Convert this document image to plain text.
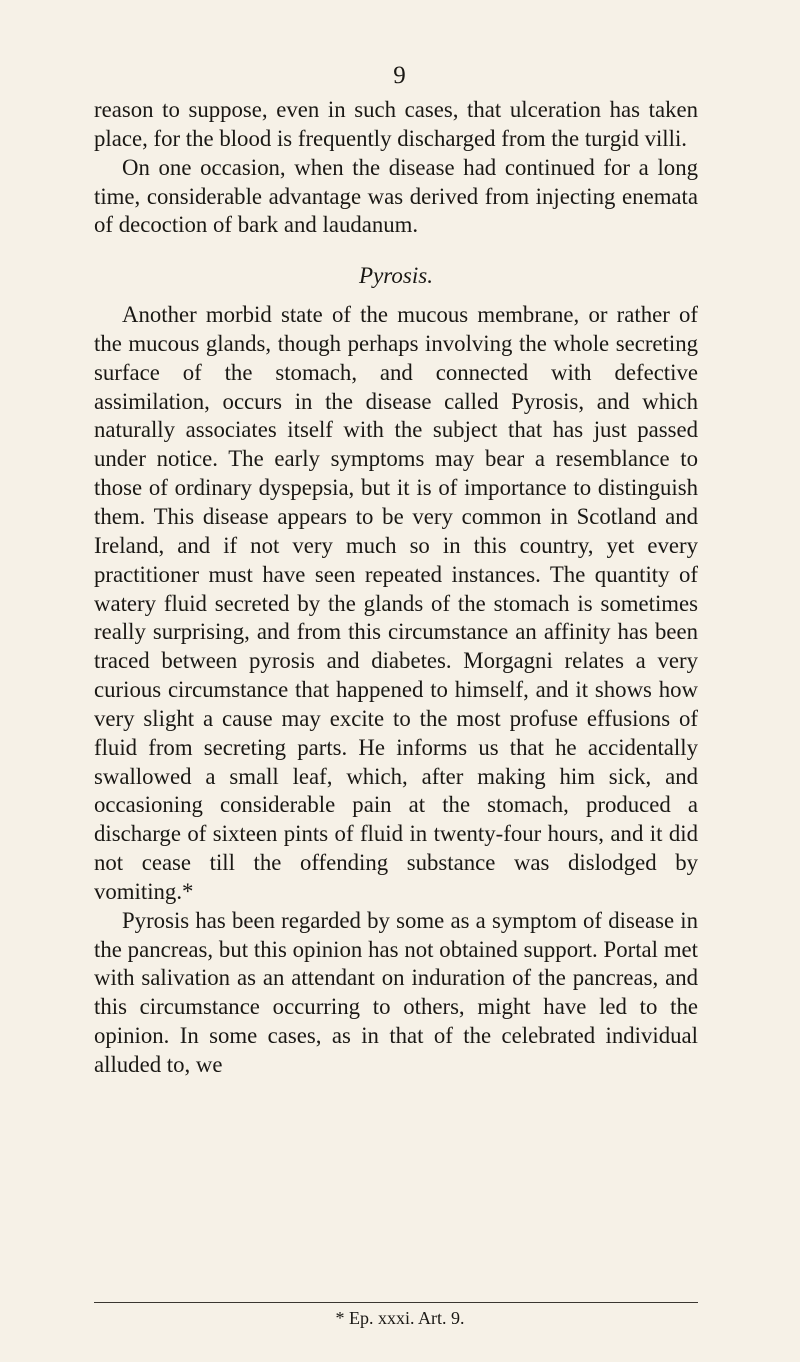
9

reason to suppose, even in such cases, that ulceration has taken place, for the blood is frequently discharged from the turgid villi.

On one occasion, when the disease had continued for a long time, considerable advantage was derived from injecting enemata of decoction of bark and laudanum.

Pyrosis.

Another morbid state of the mucous membrane, or rather of the mucous glands, though perhaps involving the whole secreting surface of the stomach, and connected with defective assimilation, occurs in the disease called Pyrosis, and which naturally associates itself with the subject that has just passed under notice. The early symptoms may bear a resemblance to those of ordinary dyspepsia, but it is of importance to distinguish them. This disease appears to be very common in Scotland and Ireland, and if not very much so in this country, yet every practitioner must have seen repeated instances. The quantity of watery fluid secreted by the glands of the stomach is sometimes really surprising, and from this circumstance an affinity has been traced between pyrosis and diabetes. Morgagni relates a very curious circumstance that happened to himself, and it shows how very slight a cause may excite to the most profuse effusions of fluid from secreting parts. He informs us that he accidentally swallowed a small leaf, which, after making him sick, and occasioning considerable pain at the stomach, produced a discharge of sixteen pints of fluid in twenty-four hours, and it did not cease till the offending substance was dislodged by vomiting.*

Pyrosis has been regarded by some as a symptom of disease in the pancreas, but this opinion has not obtained support. Portal met with salivation as an attendant on induration of the pancreas, and this circumstance occurring to others, might have led to the opinion. In some cases, as in that of the celebrated individual alluded to, we

* Ep. xxxi. Art. 9.
